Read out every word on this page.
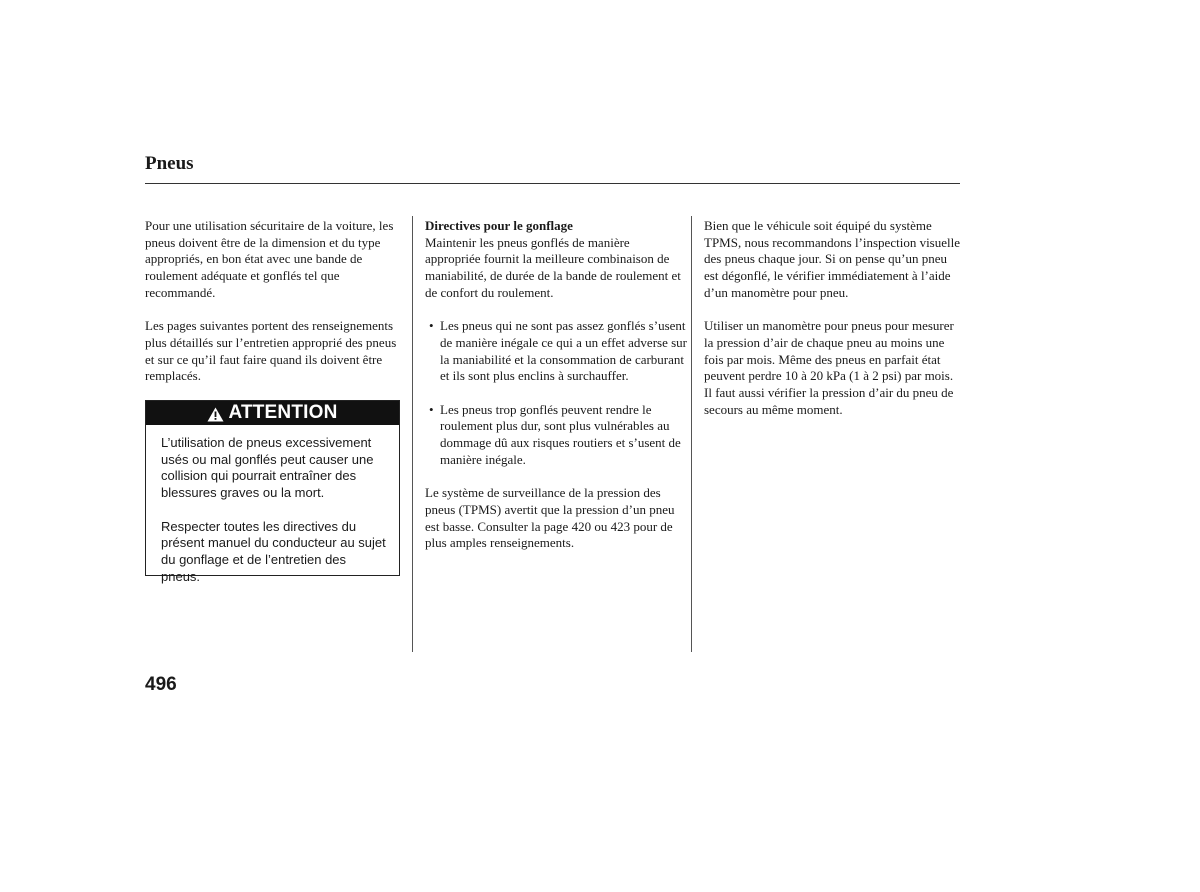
Pneus

Pour une utilisation sécuritaire de la voiture, les pneus doivent être de la dimension et du type appropriés, en bon état avec une bande de roulement adéquate et gonflés tel que recommandé.

Les pages suivantes portent des renseignements plus détaillés sur l’entretien approprié des pneus et sur ce qu’il faut faire quand ils doivent être remplacés.

ATTENTION

L’utilisation de pneus excessivement usés ou mal gonflés peut causer une collision qui pourrait entraîner des blessures graves ou la mort.

Respecter toutes les directives du présent manuel du conducteur au sujet du gonflage et de l’entretien des pneus.

Directives pour le gonflage
Maintenir les pneus gonflés de manière appropriée fournit la meilleure combinaison de maniabilité, de durée de la bande de roulement et de confort du roulement.

• Les pneus qui ne sont pas assez gonflés s’usent de manière inégale ce qui a un effet adverse sur la maniabilité et la consommation de carburant et ils sont plus enclins à surchauffer.
• Les pneus trop gonflés peuvent rendre le roulement plus dur, sont plus vulnérables au dommage dû aux risques routiers et s’usent de manière inégale.

Le système de surveillance de la pression des pneus (TPMS) avertit que la pression d’un pneu est basse. Consulter la page 420 ou 423 pour de plus amples renseignements.

Bien que le véhicule soit équipé du système TPMS, nous recommandons l’inspection visuelle des pneus chaque jour. Si on pense qu’un pneu est dégonflé, le vérifier immédiatement à l’aide d’un manomètre pour pneu.

Utiliser un manomètre pour pneus pour mesurer la pression d’air de chaque pneu au moins une fois par mois. Même des pneus en parfait état peuvent perdre 10 à 20 kPa (1 à 2 psi) par mois. Il faut aussi vérifier la pression d’air du pneu de secours au même moment.

496
